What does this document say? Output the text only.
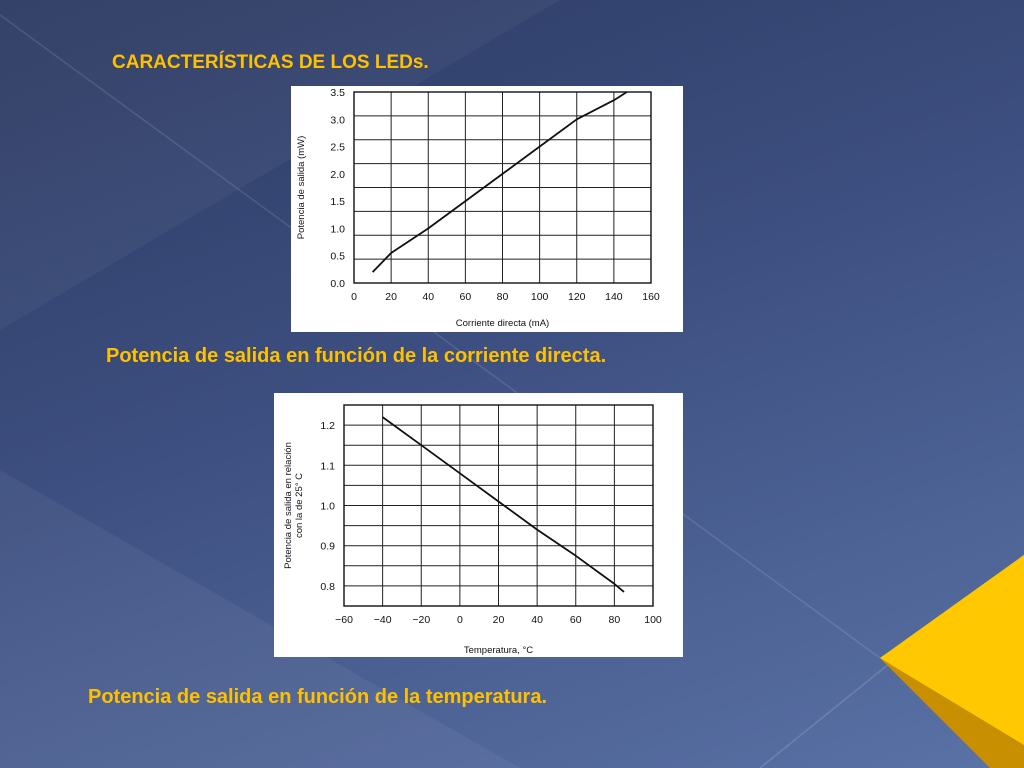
CARACTERÍSTICAS DE LOS LEDs.
0	20 40 60 80 100 120 140 160
0.0
0.5
1.0
1.5
2.0
2.5
3.0
3.5
Corriente directa (mA)
Potencia de salida (mW)

Potencia de salida en función de la corriente directa.

−60 −40 −20	0	20	40	60	80 100
0.8
0.9
1.0
1.1
1.2
Temperatura, °C
Potencia de salida en relacióncon la de 25° C

Potencia de salida en función de la temperatura.
